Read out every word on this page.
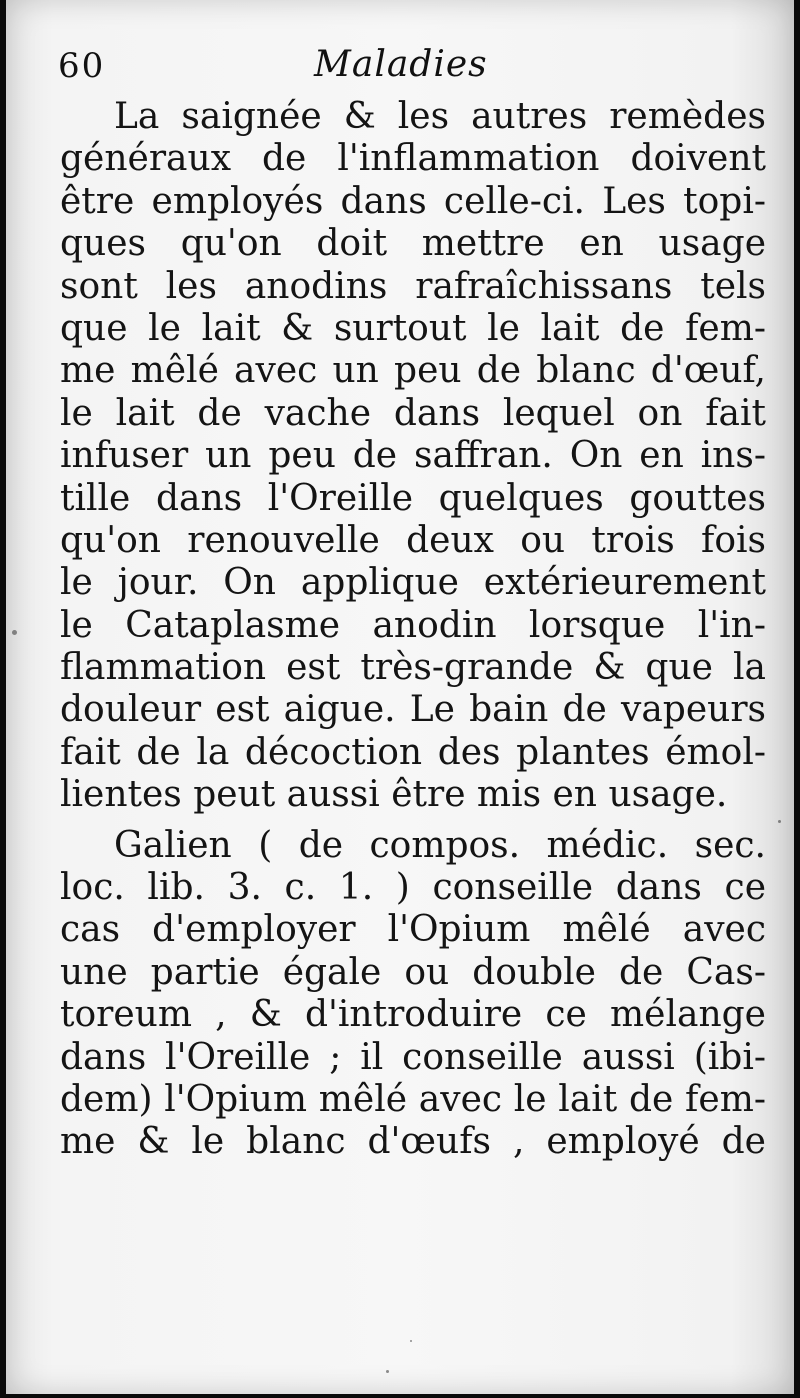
60	Maladies
La saignée & les autres remèdes
généraux de l'inflammation doivent
être employés dans celle-ci. Les topi-
ques qu'on doit mettre en usage
sont les anodins rafraîchissans tels
que le lait & surtout le lait de fem-
me mêlé avec un peu de blanc d'œuf,
le lait de vache dans lequel on fait
infuser un peu de saffran. On en ins-
tille dans l'Oreille quelques gouttes
qu'on renouvelle deux ou trois fois
le jour. On applique extérieurement
le Cataplasme anodin lorsque l'in-
flammation est très-grande & que la
douleur est aigue. Le bain de vapeurs
fait de la décoction des plantes émol-
lientes peut aussi être mis en usage.
Galien ( de compos. médic. sec.
loc. lib. 3. c. 1. ) conseille dans ce
cas d'employer l'Opium mêlé avec
une partie égale ou double de Cas-
toreum , & d'introduire ce mélange
dans l'Oreille ; il conseille aussi (ibi-
dem) l'Opium mêlé avec le lait de fem-
me & le blanc d'œufs , employé de
